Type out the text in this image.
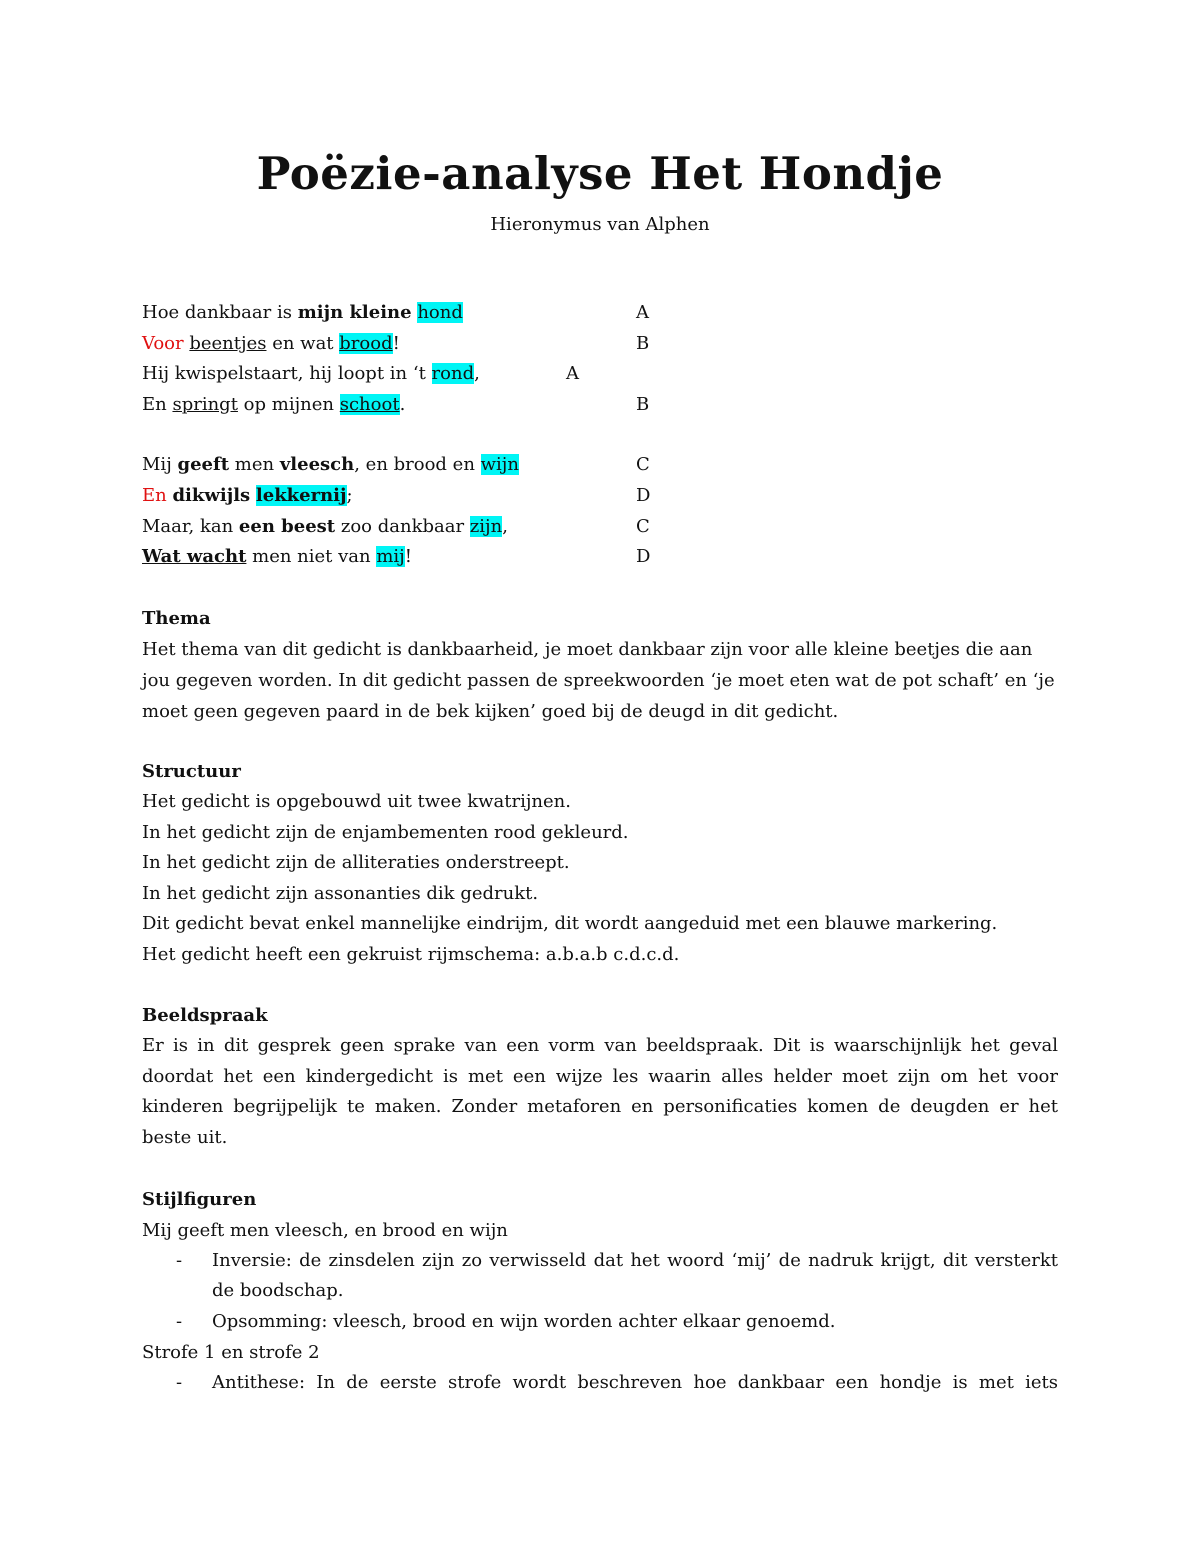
Poëzie-analyse Het Hondje
Hieronymus van Alphen
Hoe dankbaar is mijn kleine hond	A
Voor beentjes en wat brood!	B
Hij kwispelstaart, hij loopt in ‘t rond,	A
En springt op mijnen schoot.	B
Mij geeft men vleesch, en brood en wijn	C
En dikwijls lekkernij;	D
Maar, kan een beest zoo dankbaar zijn,	C
Wat wacht men niet van mij!	D
Thema
Het thema van dit gedicht is dankbaarheid, je moet dankbaar zijn voor alle kleine beetjes die aan jou gegeven worden. In dit gedicht passen de spreekwoorden ‘je moet eten wat de pot schaft’ en ‘je moet geen gegeven paard in de bek kijken’ goed bij de deugd in dit gedicht.
Structuur
Het gedicht is opgebouwd uit twee kwatrijnen.
In het gedicht zijn de enjambementen rood gekleurd.
In het gedicht zijn de alliteraties onderstreept.
In het gedicht zijn assonanties dik gedrukt.
Dit gedicht bevat enkel mannelijke eindrijm, dit wordt aangeduid met een blauwe markering.
Het gedicht heeft een gekruist rijmschema: a.b.a.b c.d.c.d.
Beeldspraak
Er is in dit gesprek geen sprake van een vorm van beeldspraak. Dit is waarschijnlijk het geval doordat het een kindergedicht is met een wijze les waarin alles helder moet zijn om het voor kinderen begrijpelijk te maken. Zonder metaforen en personificaties komen de deugden er het beste uit.
Stijlfiguren
Mij geeft men vleesch, en brood en wijn
- Inversie: de zinsdelen zijn zo verwisseld dat het woord ‘mij’ de nadruk krijgt, dit versterkt de boodschap.
- Opsomming: vleesch, brood en wijn worden achter elkaar genoemd.
Strofe 1 en strofe 2
- Antithese: In de eerste strofe wordt beschreven hoe dankbaar een hondje is met iets
